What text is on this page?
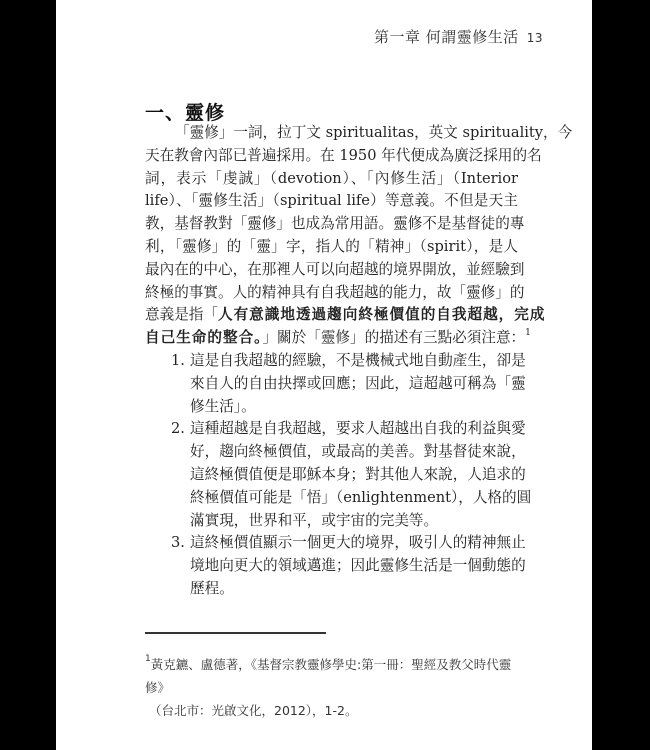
第一章 何謂靈修生活 13
一、靈修
「靈修」一詞，拉丁文 spiritualitas，英文 spirituality，今
天在教會內部已普遍採用。在 1950 年代便成為廣泛採用的名
詞，表示「虔誠」（devotion）、「內修生活」（Interior
life）、「靈修生活」（spiritual life）等意義。不但是天主
教，基督教對「靈修」也成為常用語。靈修不是基督徒的專
利，「靈修」的「靈」字，指人的「精神」（spirit），是人
最內在的中心，在那裡人可以向超越的境界開放，並經驗到
終極的事實。人的精神具有自我超越的能力，故「靈修」的
意義是指「人有意識地透過趨向終極價值的自我超越，完成
自己生命的整合。」關於「靈修」的描述有三點必須注意：$^1$
1. 這是自我超越的經驗，不是機械式地自動產生，卻是
來自人的自由抉擇或回應；因此，這超越可稱為「靈
修生活」。
2. 這種超越是自我超越，要求人超越出自我的利益與愛
好，趨向終極價值，或最高的美善。對基督徒來說，
這終極價值便是耶穌本身；對其他人來說，人追求的
終極價值可能是「悟」（enlightenment），人格的圓
滿實現，世界和平，或宇宙的完美等。
3. 這終極價值顯示一個更大的境界，吸引人的精神無止
境地向更大的領域邁進；因此靈修生活是一個動態的
歷程。
$^1$黃克鑣、盧德著，《基督宗教靈修學史:第一冊：聖經及教父時代靈修》
（台北市：光啟文化，2012），1-2。
